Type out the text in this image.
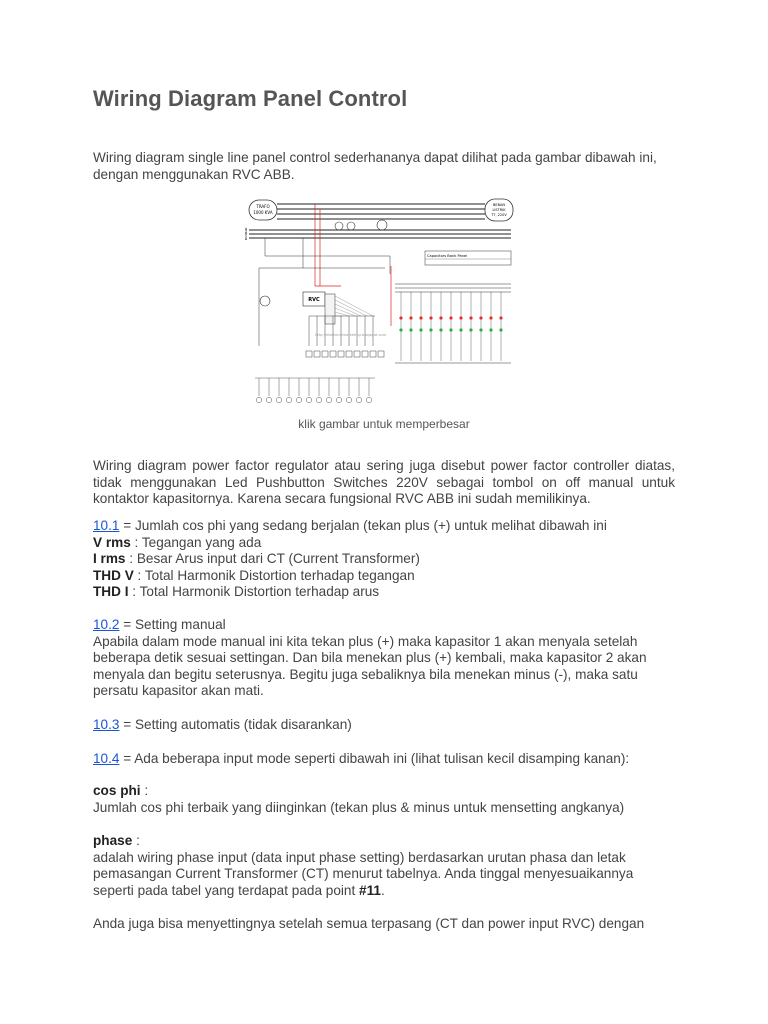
Wiring Diagram Panel Control

Wiring diagram single line panel control sederhananya dapat dilihat pada gambar dibawah ini, dengan menggunakan RVC ABB.

TRAFO
1000 KVA
BEBAN
LISTRIK
TT, 220V
BUSBAR
Capacitors Bank Panel
RVC
http://electricalmarketing.blogspot.com
klik gambar untuk memperbesar

Wiring diagram power factor regulator atau sering juga disebut power factor controller diatas, tidak menggunakan Led Pushbutton Switches 220V sebagai tombol on off manual untuk kontaktor kapasitornya. Karena secara fungsional RVC ABB ini sudah memilikinya.

10.1 = Jumlah cos phi yang sedang berjalan (tekan plus (+) untuk melihat dibawah ini

V rms : Tegangan yang ada

I rms : Besar Arus input dari CT (Current Transformer)

THD V : Total Harmonik Distortion terhadap tegangan

THD I : Total Harmonik Distortion terhadap arus

10.2 = Setting manual

Apabila dalam mode manual ini kita tekan plus (+) maka kapasitor 1 akan menyala setelah beberapa detik sesuai settingan. Dan bila menekan plus (+) kembali, maka kapasitor 2 akan menyala dan begitu seterusnya. Begitu juga sebaliknya bila menekan minus (-), maka satu persatu kapasitor akan mati.

10.3 = Setting automatis (tidak disarankan)

10.4 = Ada beberapa input mode seperti dibawah ini (lihat tulisan kecil disamping kanan):

cos phi :

Jumlah cos phi terbaik yang diinginkan (tekan plus & minus untuk mensetting angkanya)

phase :

adalah wiring phase input (data input phase setting) berdasarkan urutan phasa dan letak pemasangan Current Transformer (CT) menurut tabelnya. Anda tinggal menyesuaikannya seperti pada tabel yang terdapat pada point #11.

Anda juga bisa menyettingnya setelah semua terpasang (CT dan power input RVC) dengan
